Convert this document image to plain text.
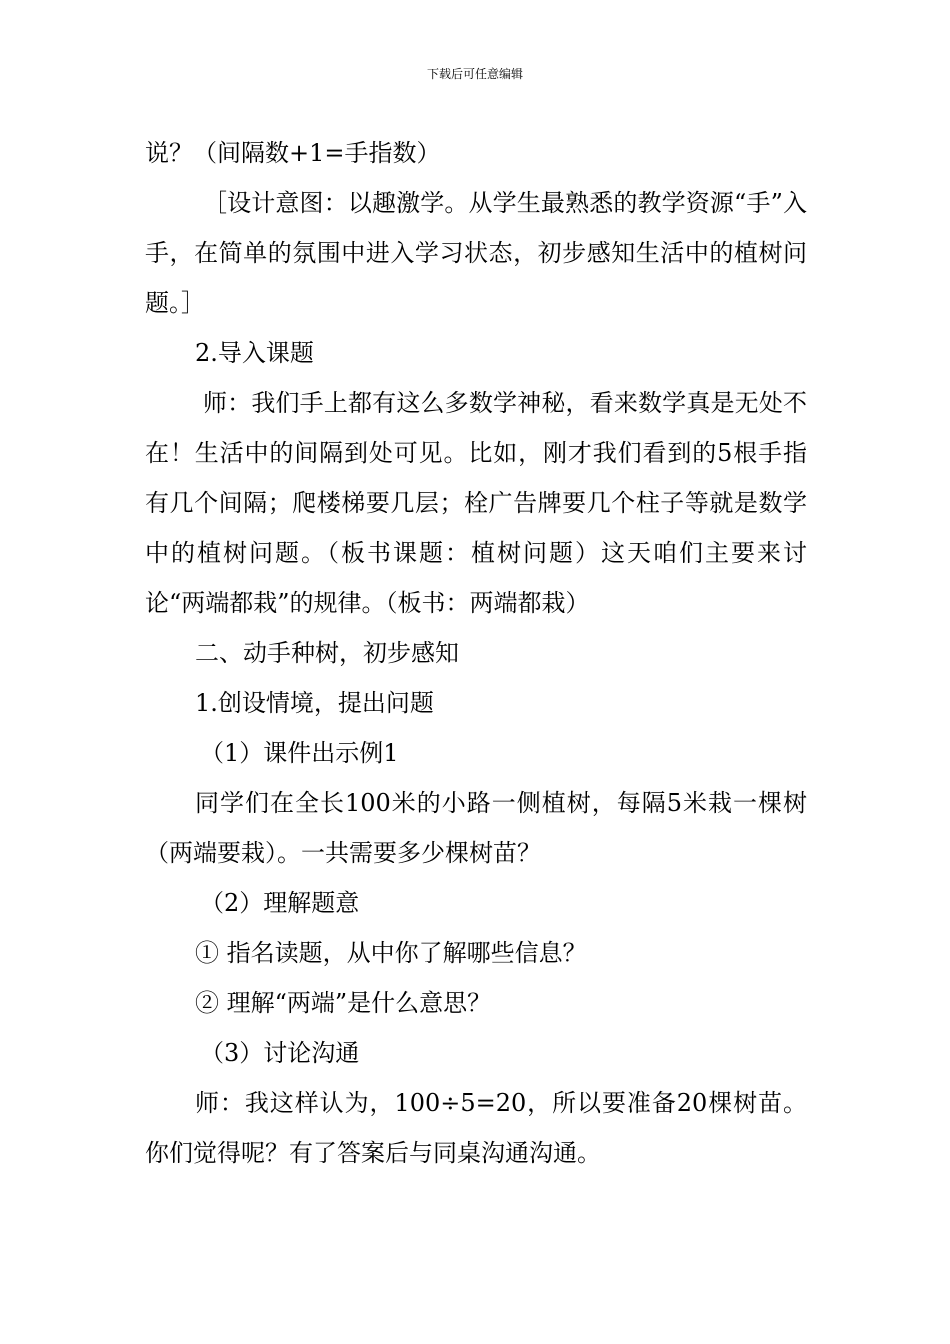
下载后可任意编辑

说？（间隔数+1=手指数）

［设计意图：以趣激学。从学生最熟悉的教学资源“手”入手，在简单的氛围中进入学习状态，初步感知生活中的植树问题。］

2.导入课题

师：我们手上都有这么多数学神秘，看来数学真是无处不在！生活中的间隔到处可见。比如，刚才我们看到的5根手指有几个间隔；爬楼梯要几层；栓广告牌要几个柱子等就是数学中的植树问题。（板书课题：植树问题）这天咱们主要来讨论“两端都栽”的规律。（板书：两端都栽）

二、动手种树，初步感知

1.创设情境，提出问题

（1）课件出示例1

同学们在全长100米的小路一侧植树，每隔5米栽一棵树（两端要栽）。一共需要多少棵树苗？

（2）理解题意

① 指名读题，从中你了解哪些信息？

② 理解“两端”是什么意思？

（3）讨论沟通

师：我这样认为，100÷5=20，所以要准备20棵树苗。你们觉得呢？有了答案后与同桌沟通沟通。
